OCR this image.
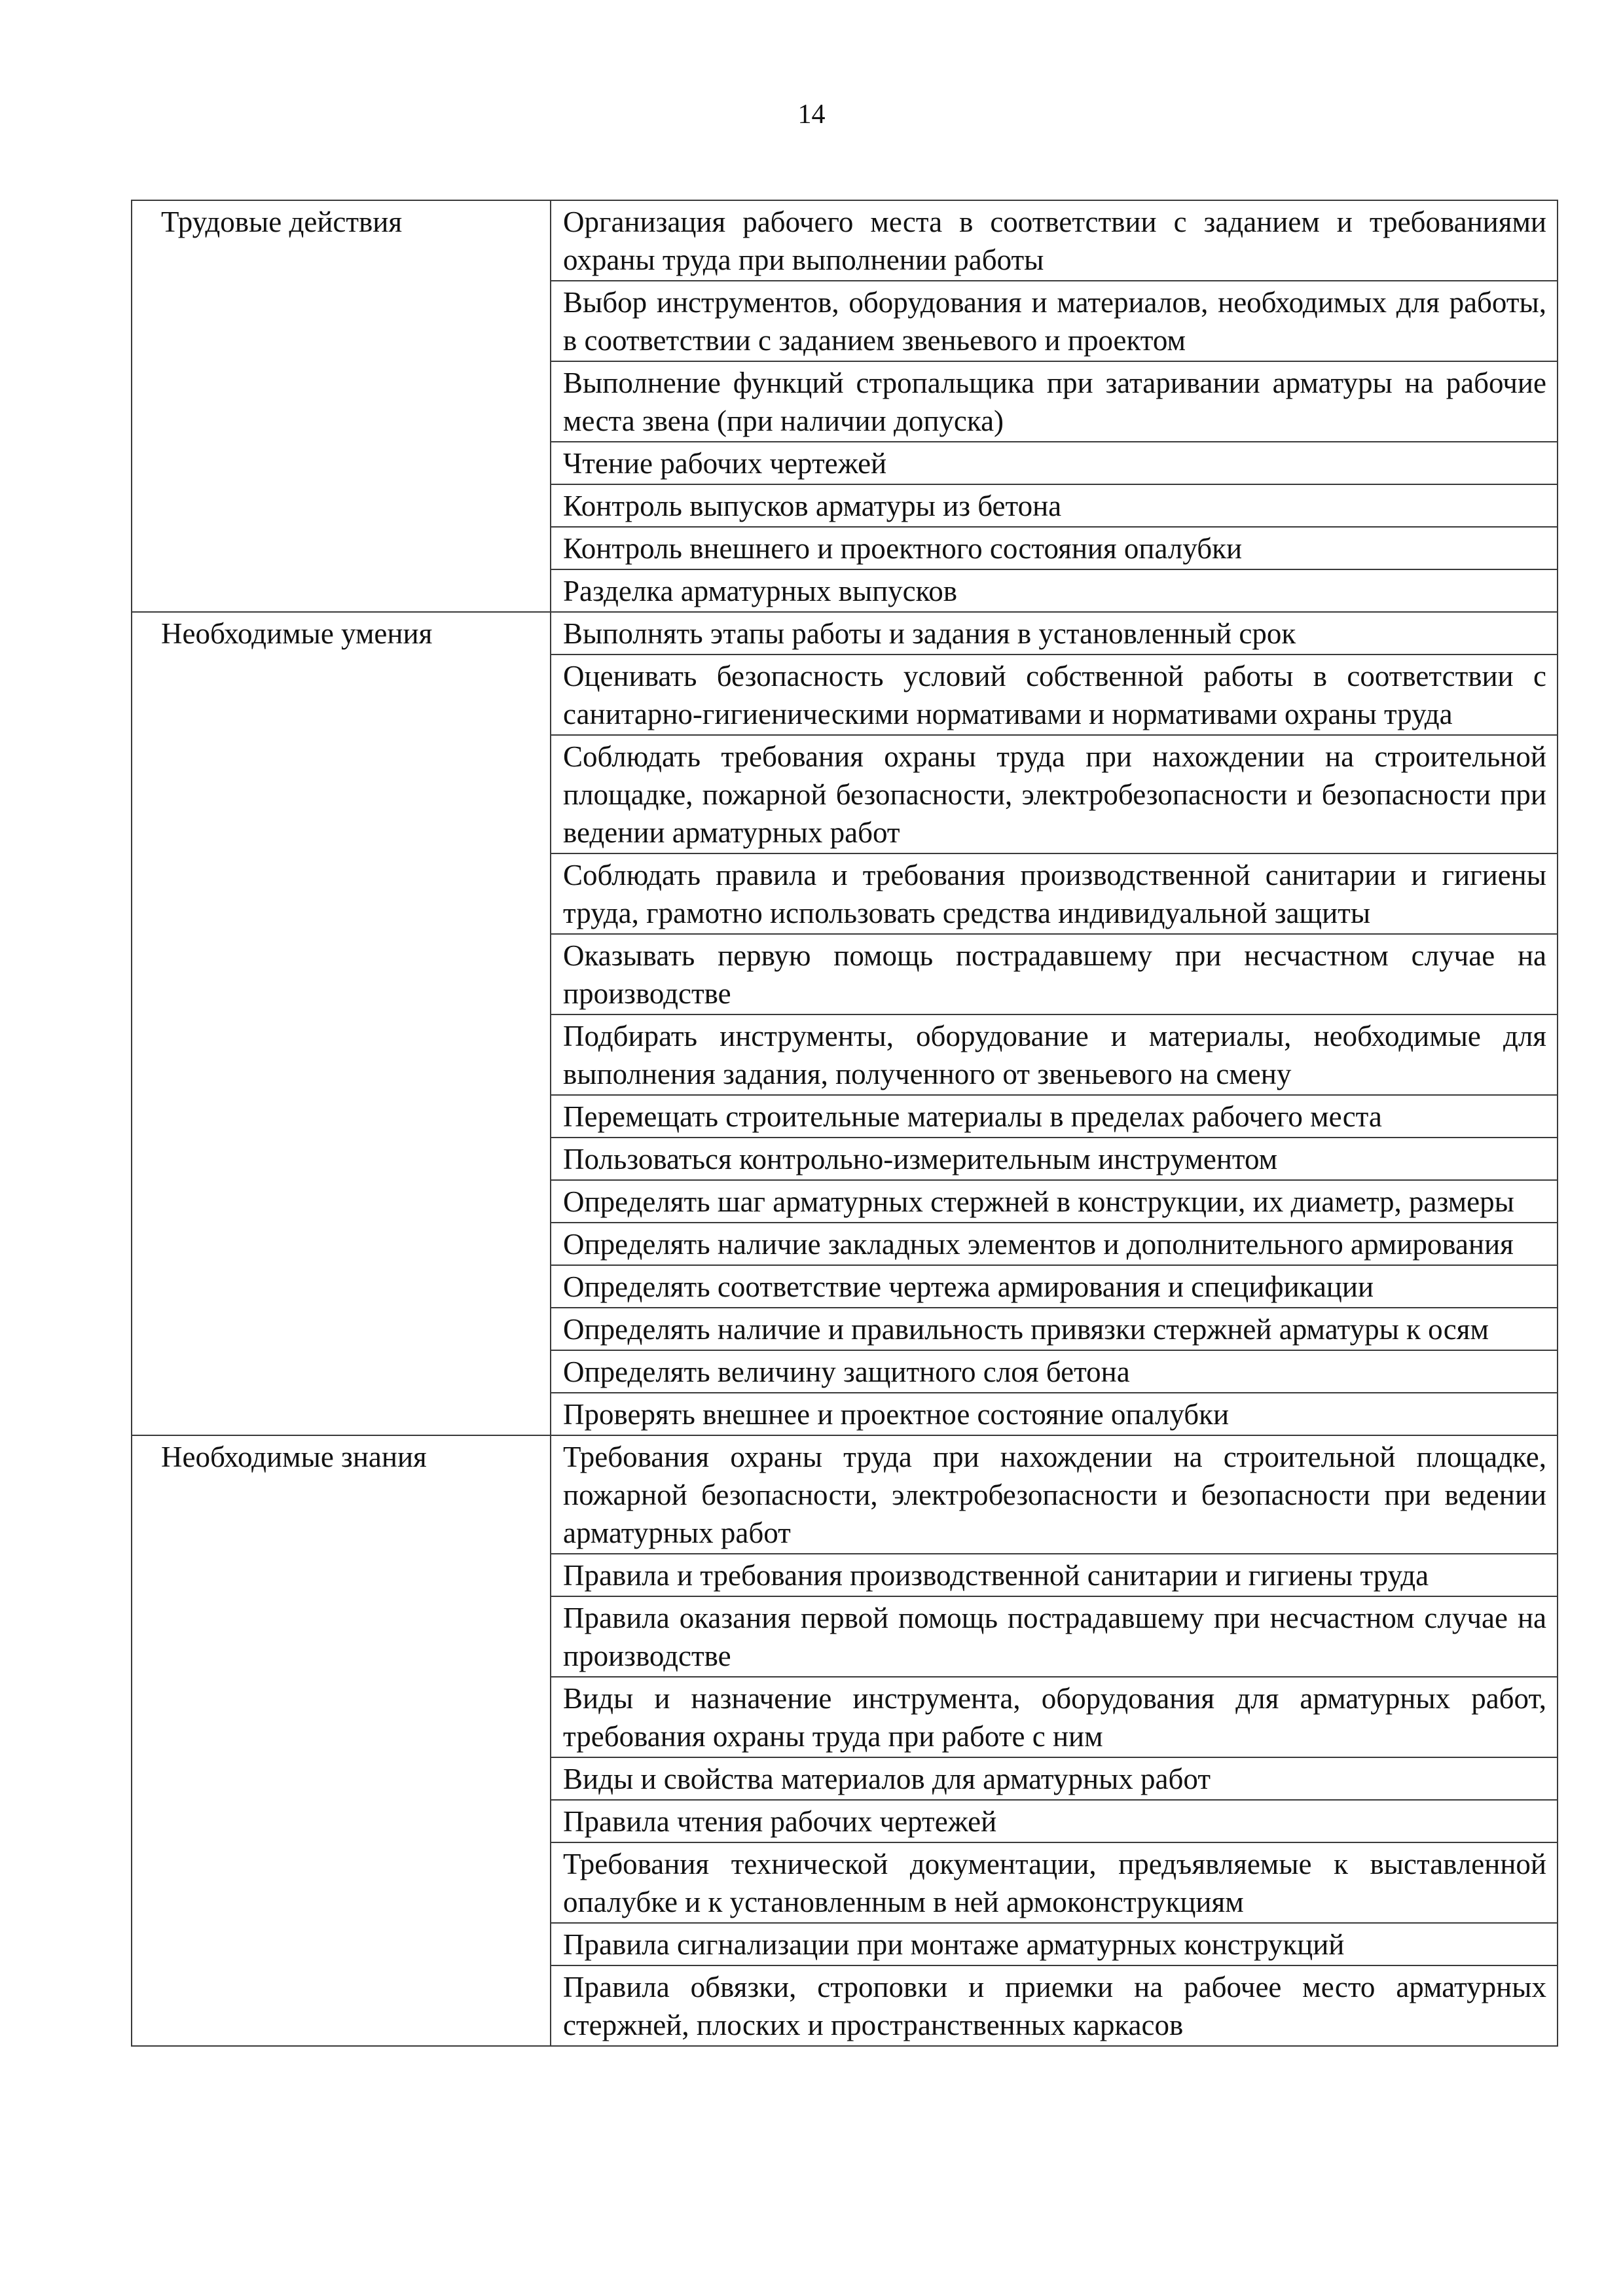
14
Трудовые действия	Организация рабочего места в соответствии с заданием и требованиями охраны труда при выполнении работы
	Выбор инструментов, оборудования и материалов, необходимых для работы, в соответствии с заданием звеньевого и проектом
	Выполнение функций стропальщика при затаривании арматуры на рабочие места звена (при наличии допуска)
	Чтение рабочих чертежей
	Контроль выпусков арматуры из бетона
	Контроль внешнего и проектного состояния опалубки
	Разделка арматурных выпусков
Необходимые умения	Выполнять этапы работы и задания в установленный срок
	Оценивать безопасность условий собственной работы в соответствии с санитарно-гигиеническими нормативами и нормативами охраны труда
	Соблюдать требования охраны труда при нахождении на строительной площадке, пожарной безопасности, электробезопасности и безопасности при ведении арматурных работ
	Соблюдать правила и требования производственной санитарии и гигиены труда, грамотно использовать средства индивидуальной защиты
	Оказывать первую помощь пострадавшему при несчастном случае на производстве
	Подбирать инструменты, оборудование и материалы, необходимые для выполнения задания, полученного от звеньевого на смену
	Перемещать строительные материалы в пределах рабочего места
	Пользоваться контрольно-измерительным инструментом
	Определять шаг арматурных стержней в конструкции, их диаметр, размеры
	Определять наличие закладных элементов и дополнительного армирования
	Определять соответствие чертежа армирования и спецификации
	Определять наличие и правильность привязки стержней арматуры к осям
	Определять величину защитного слоя бетона
	Проверять внешнее и проектное состояние опалубки
Необходимые знания	Требования охраны труда при нахождении на строительной площадке, пожарной безопасности, электробезопасности и безопасности при ведении арматурных работ
	Правила и требования производственной санитарии и гигиены труда
	Правила оказания первой помощь пострадавшему при несчастном случае на производстве
	Виды и назначение инструмента, оборудования для арматурных работ, требования охраны труда при работе с ним
	Виды и свойства материалов для арматурных работ
	Правила чтения рабочих чертежей
	Требования технической документации, предъявляемые к выставленной опалубке и к установленным в ней армоконструкциям
	Правила сигнализации при монтаже арматурных конструкций
	Правила обвязки, строповки и приемки на рабочее место арматурных стержней, плоских и пространственных каркасов
